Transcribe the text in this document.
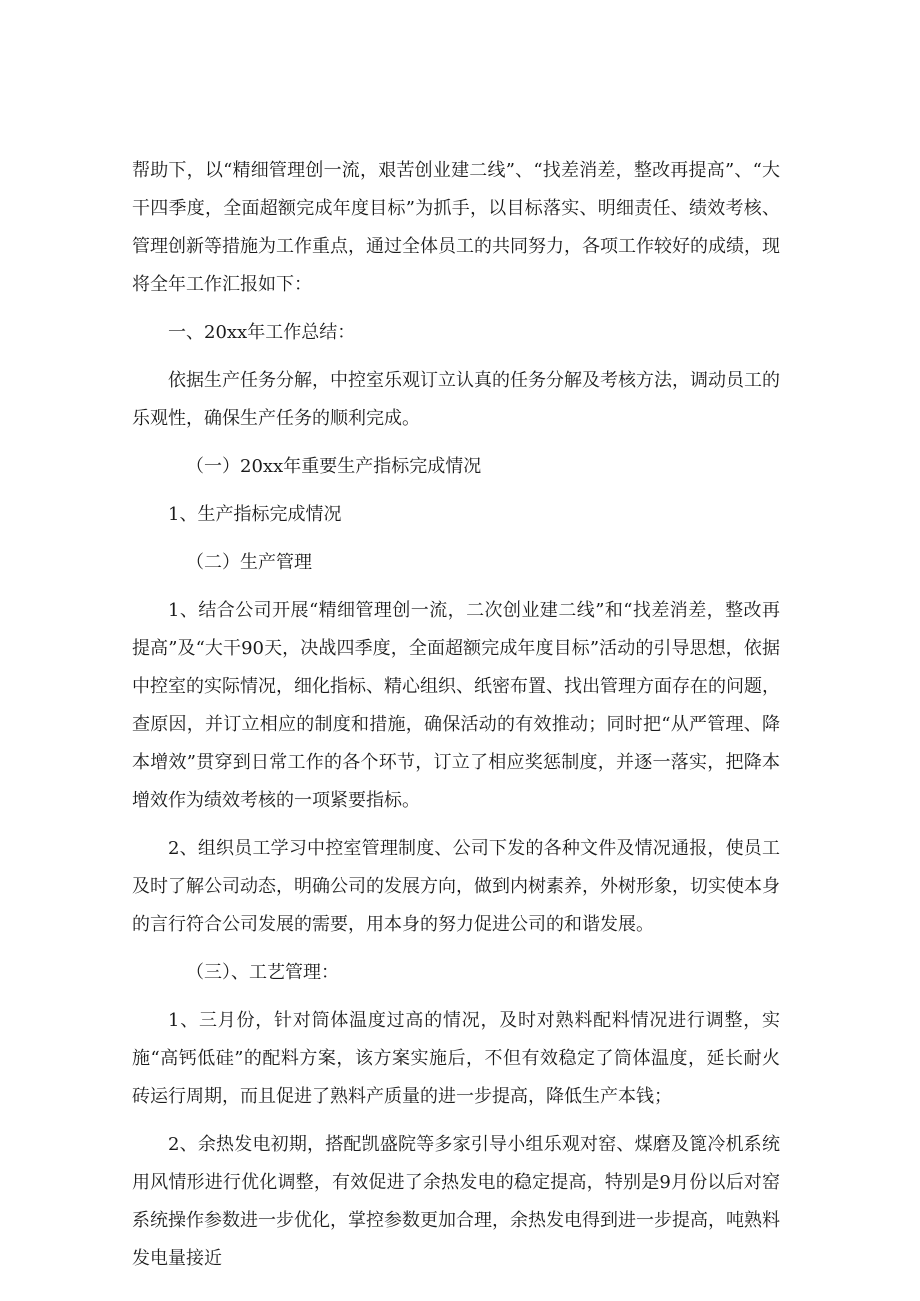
帮助下，以“精细管理创一流，艰苦创业建二线”、“找差消差，整改再提高”、“大干四季度，全面超额完成年度目标”为抓手，以目标落实、明细责任、绩效考核、管理创新等措施为工作重点，通过全体员工的共同努力，各项工作较好的成绩，现将全年工作汇报如下：

一、20xx年工作总结：

依据生产任务分解，中控室乐观订立认真的任务分解及考核方法，调动员工的乐观性，确保生产任务的顺利完成。

（一）20xx年重要生产指标完成情况

1、生产指标完成情况

（二）生产管理

1、结合公司开展“精细管理创一流，二次创业建二线”和“找差消差，整改再提高”及“大干90天，决战四季度，全面超额完成年度目标”活动的引导思想，依据中控室的实际情况，细化指标、精心组织、纸密布置、找出管理方面存在的问题，查原因，并订立相应的制度和措施，确保活动的有效推动；同时把“从严管理、降本增效”贯穿到日常工作的各个环节，订立了相应奖惩制度，并逐一落实，把降本增效作为绩效考核的一项紧要指标。

2、组织员工学习中控室管理制度、公司下发的各种文件及情况通报，使员工及时了解公司动态，明确公司的发展方向，做到内树素养，外树形象，切实使本身的言行符合公司发展的需要，用本身的努力促进公司的和谐发展。

（三）、工艺管理：

1、三月份，针对筒体温度过高的情况，及时对熟料配料情况进行调整，实施“高钙低硅”的配料方案，该方案实施后，不但有效稳定了筒体温度，延长耐火砖运行周期，而且促进了熟料产质量的进一步提高，降低生产本钱；

2、余热发电初期，搭配凯盛院等多家引导小组乐观对窑、煤磨及篦冷机系统用风情形进行优化调整，有效促进了余热发电的稳定提高，特别是9月份以后对窑系统操作参数进一步优化，掌控参数更加合理，余热发电得到进一步提高，吨熟料发电量接近
